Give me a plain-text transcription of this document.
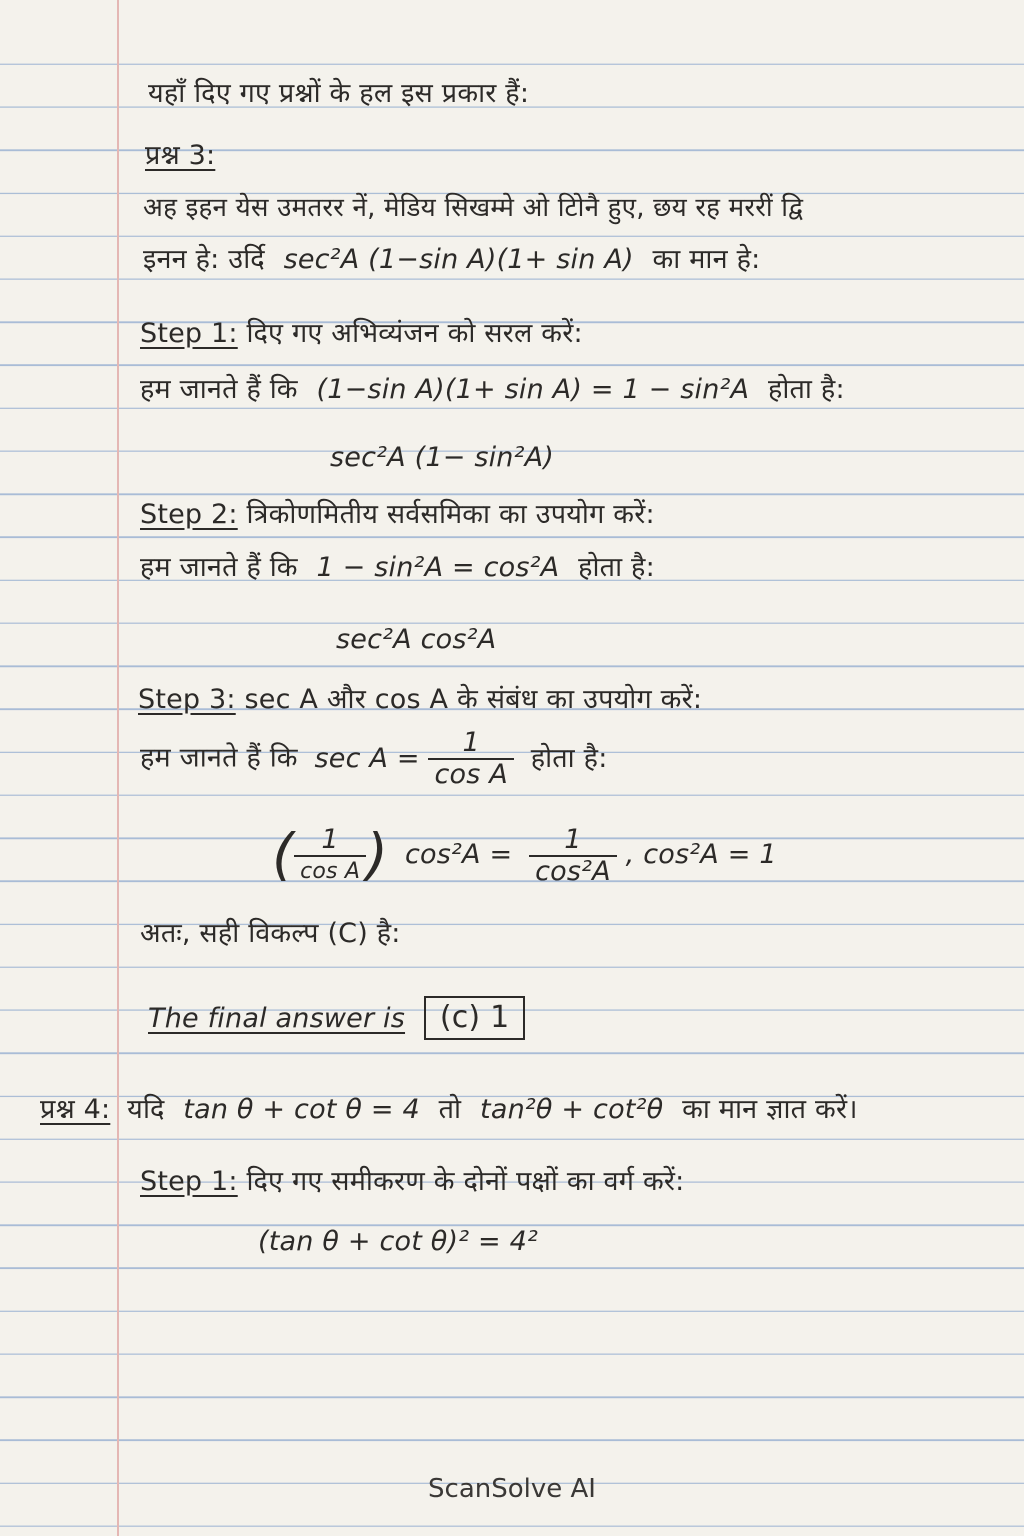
यहाँ दिए गए प्रश्नों के हल इस प्रकार हैं:
प्रश्न 3:
अह इहन येस उमतरर नें, मेडिय सिखम्मे ओ टिोनै हुए, छय रह मररीं द्वि
इनन हे: उर्दि sec²A (1−sin A)(1+ sin A) का मान हे:
Step 1: दिए गए अभिव्यंजन को सरल करें:
हम जानते हैं कि (1−sin A)(1+ sin A) = 1 − sin²A होता है:
sec²A (1− sin²A)
Step 2: त्रिकोणमितीय सर्वसमिका का उपयोग करें:
हम जानते हैं कि 1 − sin²A = cos²A होता है:
sec²A cos²A
Step 3: sec A और cos A के संबंध का उपयोग करें:
हम जानते हैं कि $\sec A = \frac{1}{\text{cos A}}$ होता है:
( $\frac{1}{\text{cos A}}$ ) $\cos^2A = \frac{1}{\text{cos²A}}$ , cos²A = 1
अतः, सही विकल्प (C) है:
The final answer is (c) 1
प्रश्न 4: यदि tan θ + cot θ = 4 तो tan²θ + cot²θ का मान ज्ञात करें।
Step 1: दिए गए समीकरण के दोनों पक्षों का वर्ग करें:
(tan θ + cot θ)² = 4²
ScanSolve AI
